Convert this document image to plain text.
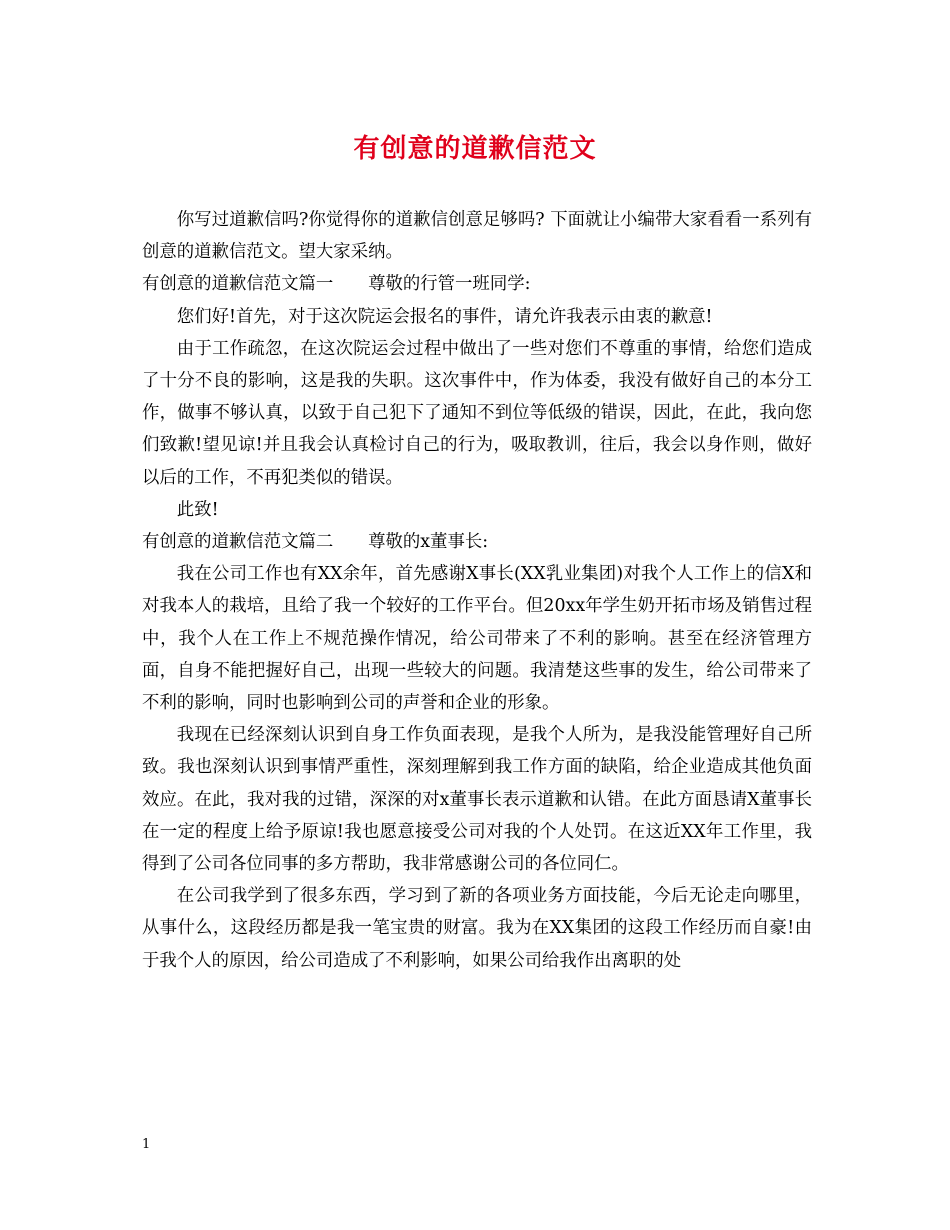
有创意的道歉信范文

你写过道歉信吗?你觉得你的道歉信创意足够吗? 下面就让小编带大家看看一系列有创意的道歉信范文。望大家采纳。

有创意的道歉信范文篇一　　尊敬的行管一班同学:

您们好!首先，对于这次院运会报名的事件，请允许我表示由衷的歉意!

由于工作疏忽，在这次院运会过程中做出了一些对您们不尊重的事情，给您们造成了十分不良的影响，这是我的失职。这次事件中，作为体委，我没有做好自己的本分工作，做事不够认真，以致于自己犯下了通知不到位等低级的错误，因此，在此，我向您们致歉!望见谅!并且我会认真检讨自己的行为，吸取教训，往后，我会以身作则，做好以后的工作，不再犯类似的错误。

此致!

有创意的道歉信范文篇二　　尊敬的x董事长:

我在公司工作也有XX余年，首先感谢X事长(XX乳业集团)对我个人工作上的信X和对我本人的栽培，且给了我一个较好的工作平台。但20xx年学生奶开拓市场及销售过程中，我个人在工作上不规范操作情况，给公司带来了不利的影响。甚至在经济管理方面，自身不能把握好自己，出现一些较大的问题。我清楚这些事的发生，给公司带来了不利的影响，同时也影响到公司的声誉和企业的形象。

我现在已经深刻认识到自身工作负面表现，是我个人所为，是我没能管理好自己所致。我也深刻认识到事情严重性，深刻理解到我工作方面的缺陷，给企业造成其他负面效应。在此，我对我的过错，深深的对x董事长表示道歉和认错。在此方面恳请X董事长在一定的程度上给予原谅!我也愿意接受公司对我的个人处罚。在这近XX年工作里，我得到了公司各位同事的多方帮助，我非常感谢公司的各位同仁。

在公司我学到了很多东西，学习到了新的各项业务方面技能，今后无论走向哪里，从事什么，这段经历都是我一笔宝贵的财富。我为在XX集团的这段工作经历而自豪!由于我个人的原因，给公司造成了不利影响，如果公司给我作出离职的处

1
